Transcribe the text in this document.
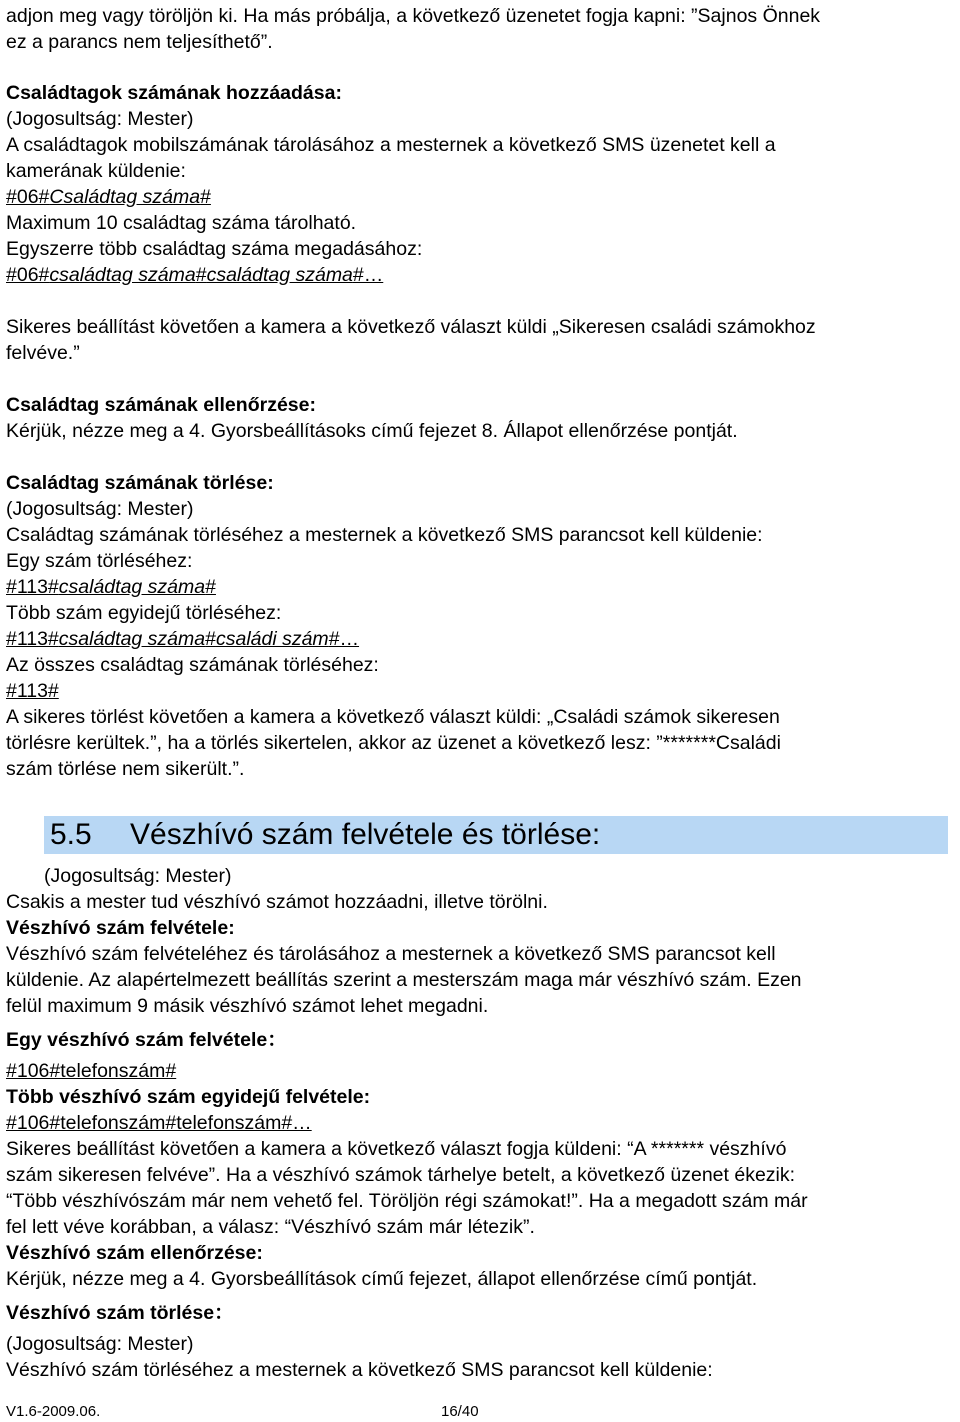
adjon meg vagy töröljön ki. Ha más próbálja, a következő üzenetet fogja kapni: ”Sajnos Önnek
ez a parancs nem teljesíthető”.
Családtagok számának hozzáadása:
(Jogosultság: Mester)
A családtagok mobilszámának tárolásához a mesternek a következő SMS üzenetet kell a
kamerának küldenie:
#06#Családtag száma#
Maximum 10 családtag száma tárolható.
Egyszerre több családtag száma megadásához:
#06#családtag száma#családtag száma#…
Sikeres beállítást követően a kamera a következő választ küldi „Sikeresen családi számokhoz
felvéve.”
Családtag számának ellenőrzése:
Kérjük, nézze meg a 4. Gyorsbeállításoks című fejezet 8. Állapot ellenőrzése pontját.
Családtag számának törlése:
(Jogosultság: Mester)
Családtag számának törléséhez a mesternek a következő SMS parancsot kell küldenie:
Egy szám törléséhez:
#113#családtag száma#
Több szám egyidejű törléséhez:
#113#családtag száma#családi szám#…
Az összes családtag számának törléséhez:
#113#
A sikeres törlést követően a kamera a következő választ küldi: „Családi számok sikeresen
törlésre kerültek.”, ha a törlés sikertelen, akkor az üzenet a következő lesz: ”*******Családi
szám törlése nem sikerült.”.
5.5 Vészhívó szám felvétele és törlése:
(Jogosultság: Mester)
Csakis a mester tud vészhívó számot hozzáadni, illetve törölni.
Vészhívó szám felvétele:
Vészhívó szám felvételéhez és tárolásához a mesternek a következő SMS parancsot kell
küldenie. Az alapértelmezett beállítás szerint a mesterszám maga már vészhívó szám. Ezen
felül maximum 9 másik vészhívó számot lehet megadni.
Egy vészhívó szám felvétele：
#106#telefonszám#
Több vészhívó szám egyidejű felvétele:
#106#telefonszám#telefonszám#…
Sikeres beállítást követően a kamera a következő választ fogja küldeni: “A ******* vészhívó
szám sikeresen felvéve”. Ha a vészhívó számok tárhelye betelt, a következő üzenet ékezik:
“Több vészhívószám már nem vehető fel. Töröljön régi számokat!”. Ha a megadott szám már
fel lett véve korábban, a válasz: “Vészhívó szám már létezik”.
Vészhívó szám ellenőrzése:
Kérjük, nézze meg a 4. Gyorsbeállítások című fejezet, állapot ellenőrzése című pontját.
Vészhívó szám törlése：
(Jogosultság: Mester)
Vészhívó szám törléséhez a mesternek a következő SMS parancsot kell küldenie:
V1.6-2009.06.	16/40
